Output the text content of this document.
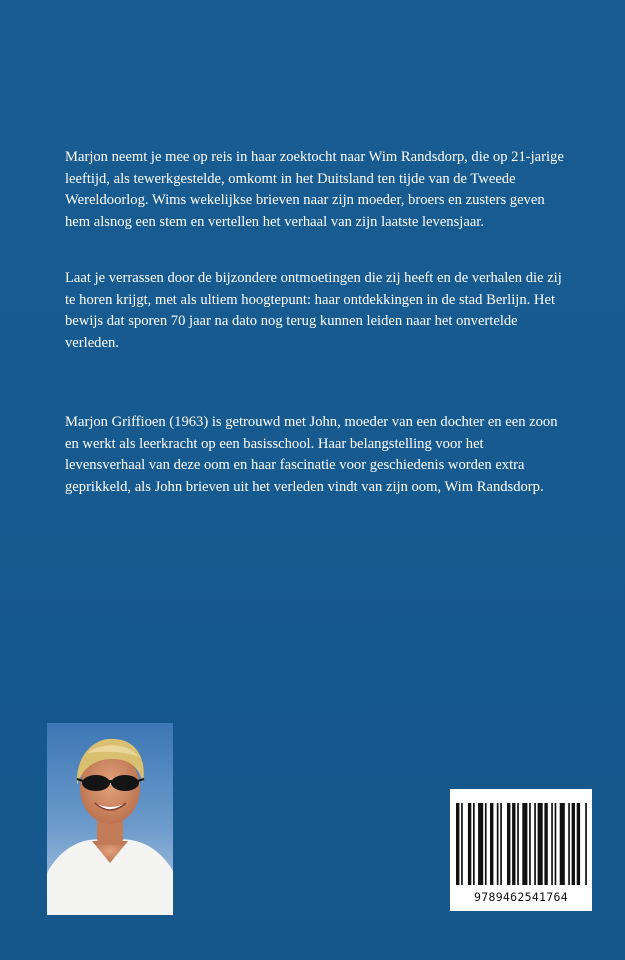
Marjon neemt je mee op reis in haar zoektocht naar Wim Randsdorp, die op 21-jarige leeftijd, als tewerkgestelde, omkomt in het Duitsland ten tijde van de Tweede Wereldoorlog. Wims wekelijkse brieven naar zijn moeder, broers en zusters geven hem alsnog een stem en vertellen het verhaal van zijn laatste levensjaar.

Laat je verrassen door de bijzondere ontmoetingen die zij heeft en de verhalen die zij te horen krijgt, met als ultiem hoogtepunt: haar ontdekkingen in de stad Berlijn. Het bewijs dat sporen 70 jaar na dato nog terug kunnen leiden naar het onvertelde verleden.

Marjon Griffioen (1963) is getrouwd met John, moeder van een dochter en een zoon en werkt als leerkracht op een basisschool. Haar belangstelling voor het levensverhaal van deze oom en haar fascinatie voor geschiedenis worden extra geprikkeld, als John brieven uit het verleden vindt van zijn oom, Wim Randsdorp.

9789462541764
